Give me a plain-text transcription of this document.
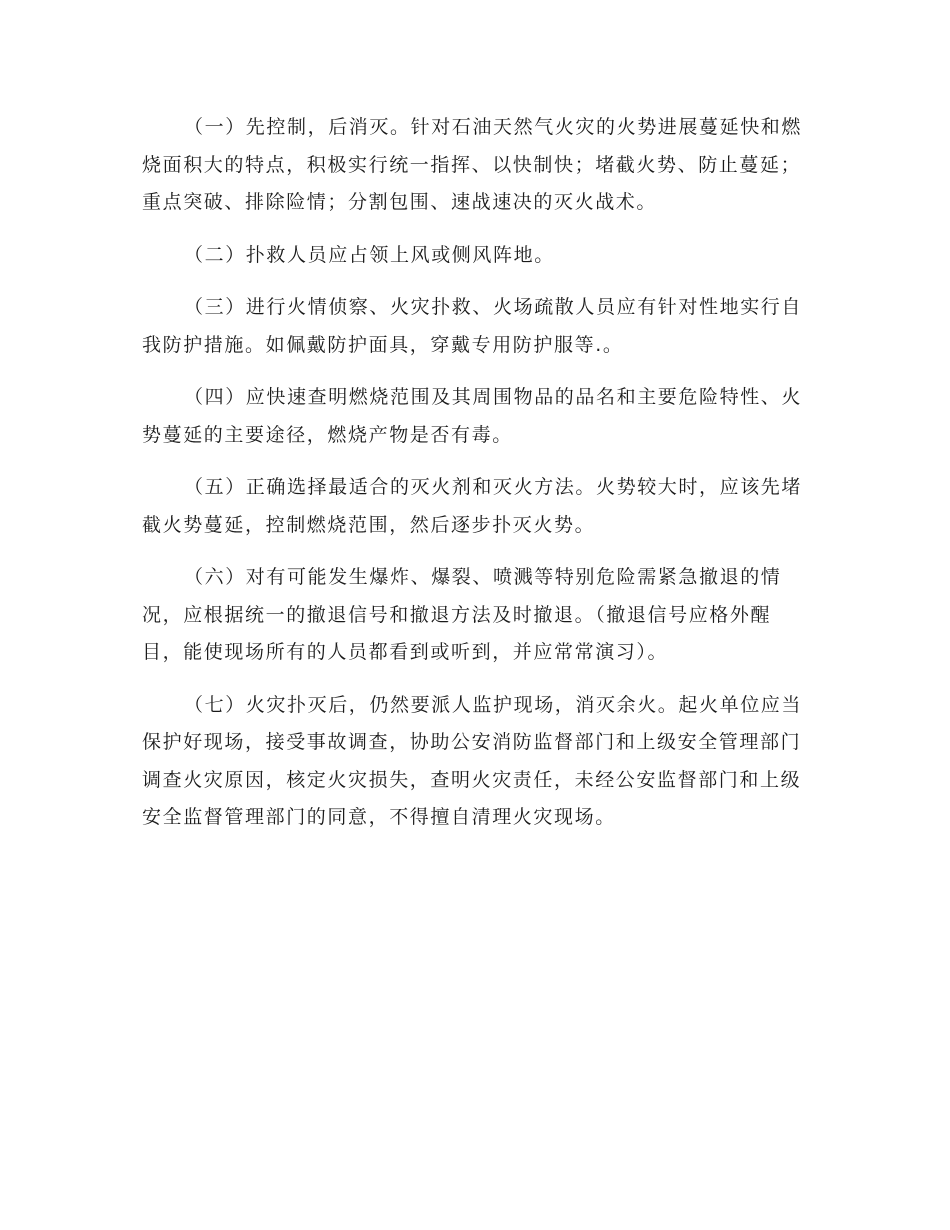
（一）先控制，后消灭。针对石油天然气火灾的火势进展蔓延快和燃烧面积大的特点，积极实行统一指挥、以快制快；堵截火势、防止蔓延；重点突破、排除险情；分割包围、速战速决的灭火战术。

（二）扑救人员应占领上风或侧风阵地。

（三）进行火情侦察、火灾扑救、火场疏散人员应有针对性地实行自我防护措施。如佩戴防护面具，穿戴专用防护服等.。

（四）应快速查明燃烧范围及其周围物品的品名和主要危险特性、火势蔓延的主要途径，燃烧产物是否有毒。

（五）正确选择最适合的灭火剂和灭火方法。火势较大时，应该先堵截火势蔓延，控制燃烧范围，然后逐步扑灭火势。

（六）对有可能发生爆炸、爆裂、喷溅等特别危险需紧急撤退的情况，应根据统一的撤退信号和撤退方法及时撤退。（撤退信号应格外醒目，能使现场所有的人员都看到或听到，并应常常演习）。

（七）火灾扑灭后，仍然要派人监护现场，消灭余火。起火单位应当保护好现场，接受事故调查，协助公安消防监督部门和上级安全管理部门调查火灾原因，核定火灾损失，查明火灾责任，未经公安监督部门和上级安全监督管理部门的同意，不得擅自清理火灾现场。
